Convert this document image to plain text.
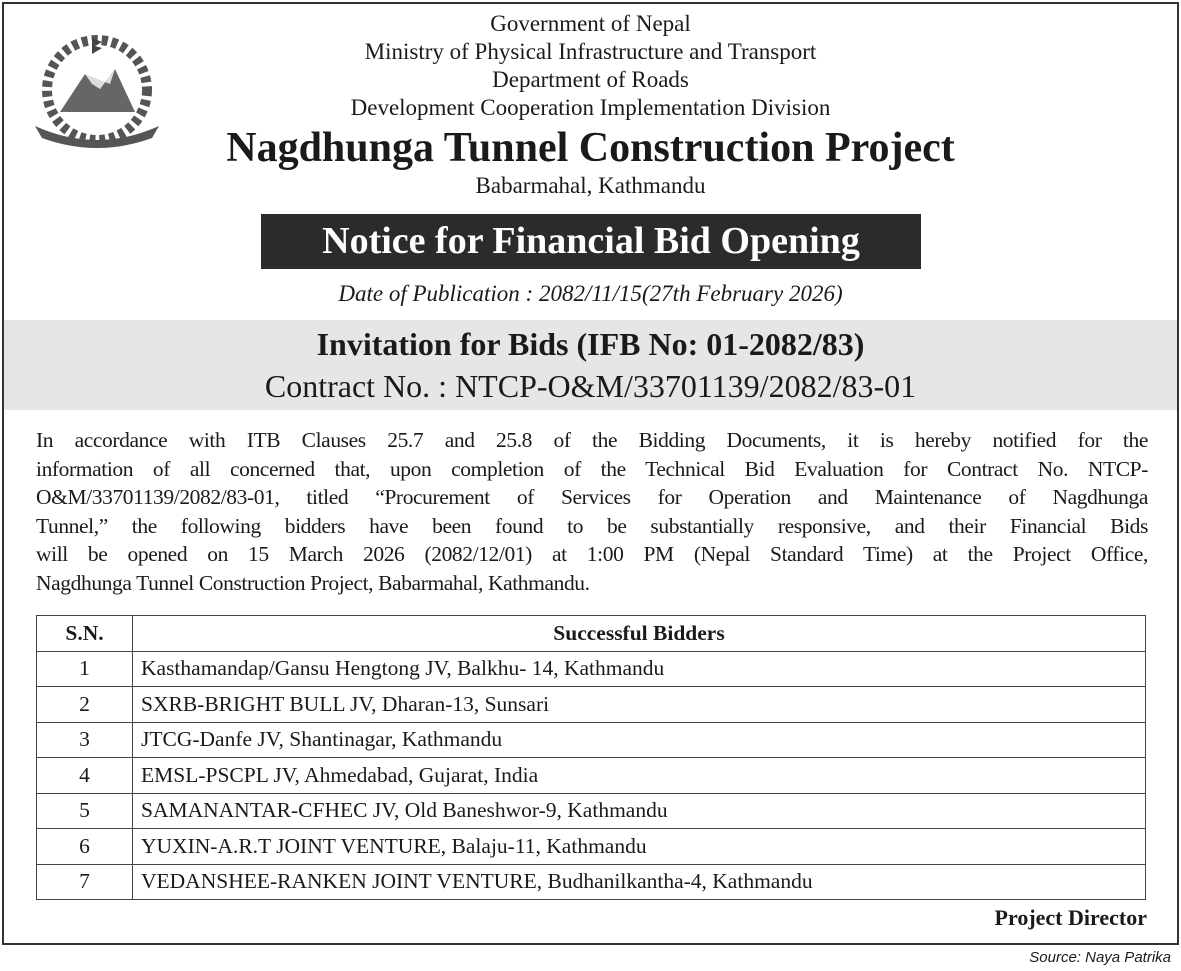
Government of Nepal
Ministry of Physical Infrastructure and Transport
Department of Roads
Development Cooperation Implementation Division
Nagdhunga Tunnel Construction Project
Babarmahal, Kathmandu
Notice for Financial Bid Opening
Date of Publication : 2082/11/15(27th February 2026)
Invitation for Bids (IFB No: 01-2082/83)
Contract No. : NTCP-O&M/33701139/2082/83-01
In accordance with ITB Clauses 25.7 and 25.8 of the Bidding Documents, it is hereby notified for the
information of all concerned that, upon completion of the Technical Bid Evaluation for Contract No. NTCP-
O&M/33701139/2082/83-01, titled “Procurement of Services for Operation and Maintenance of Nagdhunga
Tunnel,” the following bidders have been found to be substantially responsive, and their Financial Bids
will be opened on 15 March 2026 (2082/12/01) at 1:00 PM (Nepal Standard Time) at the Project Office,
Nagdhunga Tunnel Construction Project, Babarmahal, Kathmandu.
S.N.	Successful Bidders
1	Kasthamandap/Gansu Hengtong JV, Balkhu- 14, Kathmandu
2	SXRB-BRIGHT BULL JV, Dharan-13, Sunsari
3	JTCG-Danfe JV, Shantinagar, Kathmandu
4	EMSL-PSCPL JV, Ahmedabad, Gujarat, India
5	SAMANANTAR-CFHEC JV, Old Baneshwor-9, Kathmandu
6	YUXIN-A.R.T JOINT VENTURE, Balaju-11, Kathmandu
7	VEDANSHEE-RANKEN JOINT VENTURE, Budhanilkantha-4, Kathmandu
Project Director
Source: Naya Patrika
